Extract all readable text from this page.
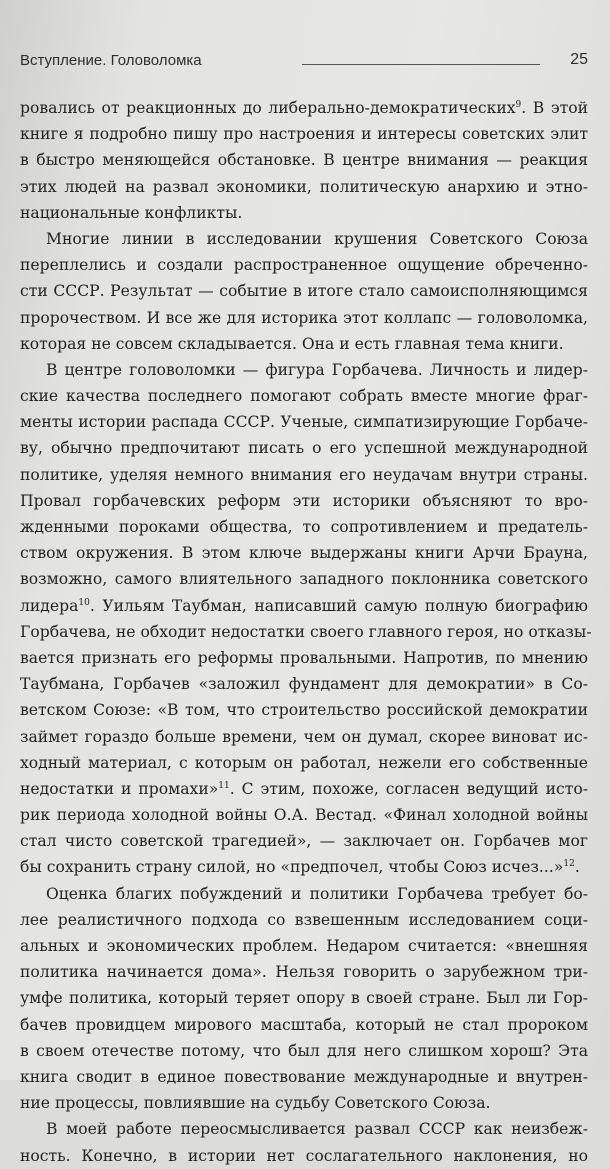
Вступление. Головоломка	25
ровались от реакционных до либерально-демократических$^9$. В этой
книге я подробно пишу про настроения и интересы советских элит
в быстро меняющейся обстановке. В центре внимания — реакция
этих людей на развал экономики, политическую анархию и этно-
национальные конфликты.
Многие линии в исследовании крушения Советского Союза
переплелись и создали распространенное ощущение обреченно-
сти СССР. Результат — событие в итоге стало самоисполняющимся
пророчеством. И все же для историка этот коллапс — головоломка,
которая не совсем складывается. Она и есть главная тема книги.
В центре головоломки — фигура Горбачева. Личность и лидер-
ские качества последнего помогают собрать вместе многие фраг-
менты истории распада СССР. Ученые, симпатизирующие Горбаче-
ву, обычно предпочитают писать о его успешной международной
политике, уделяя немного внимания его неудачам внутри страны.
Провал горбачевских реформ эти историки объясняют то вро-
жденными пороками общества, то сопротивлением и предатель-
ством окружения. В этом ключе выдержаны книги Арчи Брауна,
возможно, самого влиятельного западного поклонника советского
лидера$^{10}$. Уильям Таубман, написавший самую полную биографию
Горбачева, не обходит недостатки своего главного героя, но отказы-
вается признать его реформы провальными. Напротив, по мнению
Таубмана, Горбачев «заложил фундамент для демократии» в Со-
ветском Союзе: «В том, что строительство российской демократии
займет гораздо больше времени, чем он думал, скорее виноват ис-
ходный материал, с которым он работал, нежели его собственные
недостатки и промахи»$^{11}$. С этим, похоже, согласен ведущий исто-
рик периода холодной войны О.А. Вестад. «Финал холодной войны
стал чисто советской трагедией», — заключает он. Горбачев мог
бы сохранить страну силой, но «предпочел, чтобы Союз исчез...»$^{12}$.
Оценка благих побуждений и политики Горбачева требует бо-
лее реалистичного подхода со взвешенным исследованием соци-
альных и экономических проблем. Недаром считается: «внешняя
политика начинается дома». Нельзя говорить о зарубежном три-
умфе политика, который теряет опору в своей стране. Был ли Гор-
бачев провидцем мирового масштаба, который не стал пророком
в своем отечестве потому, что был для него слишком хорош? Эта
книга сводит в единое повествование международные и внутрен-
ние процессы, повлиявшие на судьбу Советского Союза.
В моей работе переосмысливается развал СССР как неизбеж-
ность. Конечно, в истории нет сослагательного наклонения, но
